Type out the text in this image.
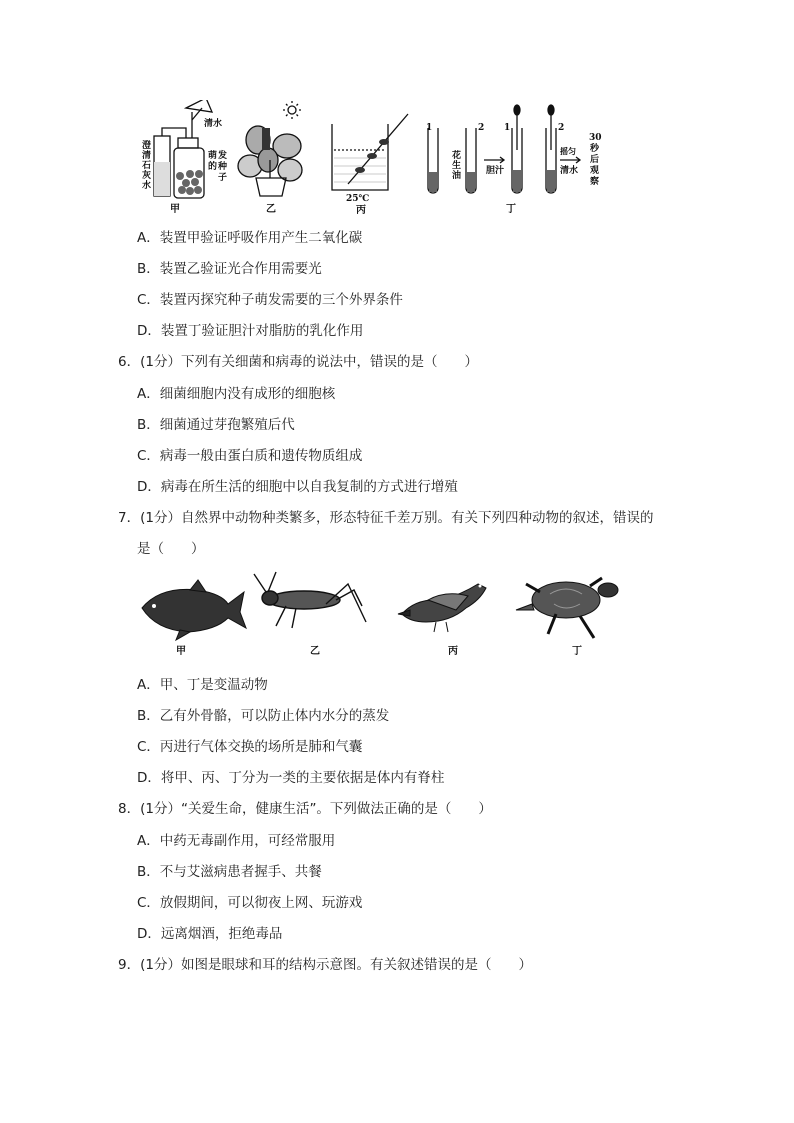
清水
澄
清
石
灰
水
萌 发
的 种
子
甲	乙
25℃
丙
1	2 1	2
花
生
油	胆汁	清水
摇匀
30
秒
后
观
察
丁
A．装置甲验证呼吸作用产生二氧化碳
B．装置乙验证光合作用需要光
C．装置丙探究种子萌发需要的三个外界条件
D．装置丁验证胆汁对脂肪的乳化作用
6．(1分）下列有关细菌和病毒的说法中，错误的是（　　）
A．细菌细胞内没有成形的细胞核
B．细菌通过芽孢繁殖后代
C．病毒一般由蛋白质和遗传物质组成
D．病毒在所生活的细胞中以自我复制的方式进行增殖
7．(1分）自然界中动物种类繁多，形态特征千差万别。有关下列四种动物的叙述，错误的
是（　　）
甲	乙	丙	丁
A．甲、丁是变温动物
B．乙有外骨骼，可以防止体内水分的蒸发
C．丙进行气体交换的场所是肺和气囊
D．将甲、丙、丁分为一类的主要依据是体内有脊柱
8．(1分）“关爱生命，健康生活”。下列做法正确的是（　　）
A．中药无毒副作用，可经常服用
B．不与艾滋病患者握手、共餐
C．放假期间，可以彻夜上网、玩游戏
D．远离烟酒，拒绝毒品
9．(1分）如图是眼球和耳的结构示意图。有关叙述错误的是（　　）
